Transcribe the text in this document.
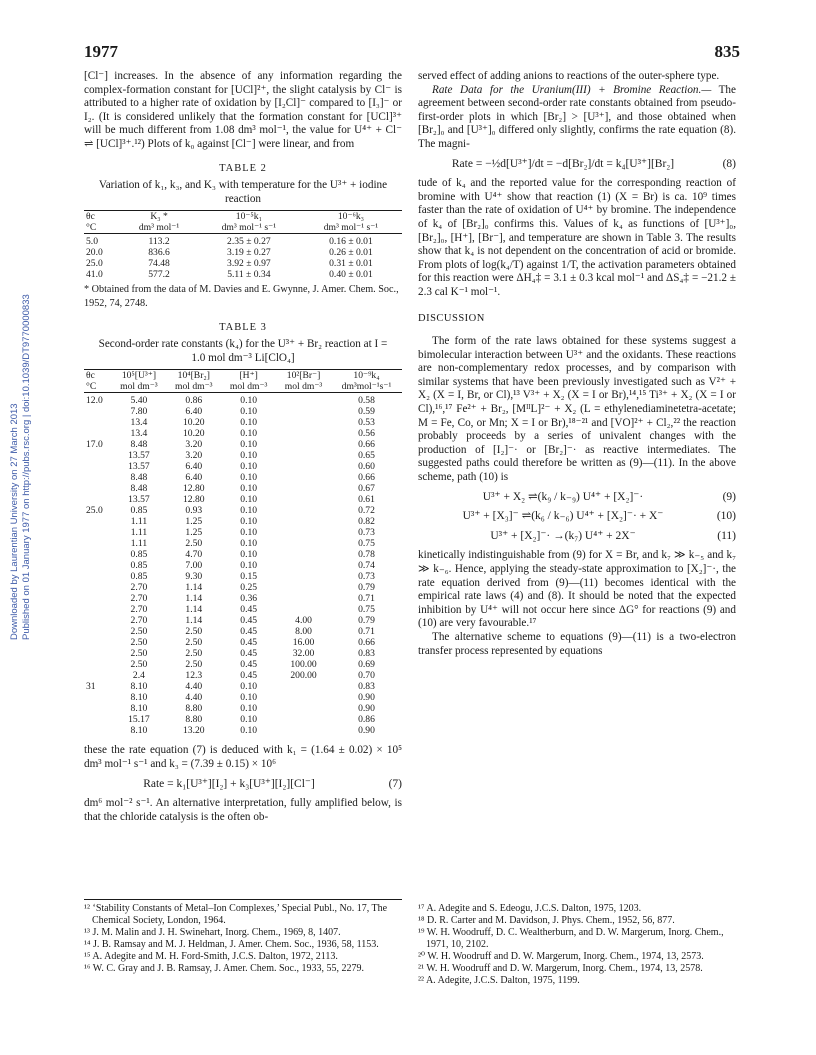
1977	835
Downloaded by Laurentian University on 27 March 2013 Published on 01 January 1977 on http://pubs.rsc.org | doi:10.1039/DT9770000833

[Cl⁻] increases. In the absence of any information regarding the complex-formation constant for [UCl]²⁺, the slight catalysis by Cl⁻ is attributed to a higher rate of oxidation by [I₂Cl]⁻ compared to [I₃]⁻ or I₂. (It is considered unlikely that the formation constant for [UCl]³⁺ will be much different from 1.08 dm³ mol⁻¹, the value for U⁴⁺ + Cl⁻ ⇌ [UCl]³⁺.¹²) Plots of k₀ against [Cl⁻] were linear, and from

TABLE 2
Variation of k₁, k₃, and K₃ with temperature for the U³⁺ + iodine reaction
θc	K₃ *	10⁻⁵k₁	10⁻⁶k₃
°C	dm³ mol⁻¹	dm³ mol⁻¹ s⁻¹	dm³ mol⁻¹ s⁻¹
5.0	113.2	2.35 ± 0.27	0.16 ± 0.01
20.0	836.6	3.19 ± 0.27	0.26 ± 0.01
25.0	74.48	3.92 ± 0.97	0.31 ± 0.01
41.0	577.2	5.11 ± 0.34	0.40 ± 0.01
* Obtained from the data of M. Davies and E. Gwynne, J. Amer. Chem. Soc., 1952, 74, 2748.
TABLE 3
Second-order rate constants (k₄) for the U³⁺ + Br₂ reaction at I = 1.0 mol dm⁻³ Li[ClO₄]
θc	10⁵[U³⁺]	10⁴[Br₂]	[H⁺]	10²[Br⁻]	10⁻⁹k₄
°C	mol dm⁻³	mol dm⁻³	mol dm⁻³	mol dm⁻³	dm³mol⁻¹s⁻¹
12.0	5.40	0.86	0.10		0.58
	7.80	6.40	0.10		0.59
	13.4	10.20	0.10		0.53
	13.4	10.20	0.10		0.56
17.0	8.48	3.20	0.10		0.66
	13.57	3.20	0.10		0.65
	13.57	6.40	0.10		0.60
	8.48	6.40	0.10		0.66
	8.48	12.80	0.10		0.67
	13.57	12.80	0.10		0.61
25.0	0.85	0.93	0.10		0.72
	1.11	1.25	0.10		0.82
	1.11	1.25	0.10		0.73
	1.11	2.50	0.10		0.75
	0.85	4.70	0.10		0.78
	0.85	7.00	0.10		0.74
	0.85	9.30	0.15		0.73
	2.70	1.14	0.25		0.79
	2.70	1.14	0.36		0.71
	2.70	1.14	0.45		0.75
	2.70	1.14	0.45	4.00	0.79
	2.50	2.50	0.45	8.00	0.71
	2.50	2.50	0.45	16.00	0.66
	2.50	2.50	0.45	32.00	0.83
	2.50	2.50	0.45	100.00	0.69
	2.4	12.3	0.45	200.00	0.70
31	8.10	4.40	0.10		0.83
	8.10	4.40	0.10		0.90
	8.10	8.80	0.10		0.90
	15.17	8.80	0.10		0.86
	8.10	13.20	0.10		0.90

these the rate equation (7) is deduced with k₁ = (1.64 ± 0.02) × 10⁵ dm³ mol⁻¹ s⁻¹ and k₃ = (7.39 ± 0.15) × 10⁶

Rate = k₁[U³⁺][I₂] + k₃[U³⁺][I₂][Cl⁻]	(7)

dm⁶ mol⁻² s⁻¹. An alternative interpretation, fully amplified below, is that the chloride catalysis is the often ob-

served effect of adding anions to reactions of the outer-sphere type.

Rate Data for the Uranium(III) + Bromine Reaction.— The agreement between second-order rate constants obtained from pseudo-first-order plots in which [Br₂] > [U³⁺], and those obtained when [Br₂]₀ and [U³⁺]₀ differed only slightly, confirms the rate equation (8). The magni-

Rate = −½d[U³⁺]/dt = −d[Br₂]/dt = k₄[U³⁺][Br₂]	(8)

tude of k₄ and the reported value for the corresponding reaction of bromine with U⁴⁺ show that reaction (1) (X = Br) is ca. 10⁹ times faster than the rate of oxidation of U⁴⁺ by bromine. The independence of k₄ of [Br₂]₀ confirms this. Values of k₄ as functions of [U³⁺]₀, [Br₂]₀, [H⁺], [Br⁻], and temperature are shown in Table 3. The results show that k₄ is not dependent on the concentration of acid or bromide. From plots of log(k₄/T) against 1/T, the activation parameters obtained for this reaction were ΔH₄‡ = 3.1 ± 0.3 kcal mol⁻¹ and ΔS₄‡ = −21.2 ± 2.3 cal K⁻¹ mol⁻¹.

DISCUSSION

The form of the rate laws obtained for these systems suggest a bimolecular interaction between U³⁺ and the oxidants. These reactions are non-complementary redox processes, and by comparison with similar systems that have been previously investigated such as V²⁺ + X₂ (X = I, Br, or Cl),¹³ V³⁺ + X₂ (X = I or Br),¹⁴,¹⁵ Ti³⁺ + X₂ (X = I or Cl),¹⁶,¹⁷ Fe²⁺ + Br₂, [MᴵᴵL]²⁻ + X₂ (L = ethylenediaminetetra-acetate; M = Fe, Co, or Mn; X = I or Br),¹⁸⁻²¹ and [VO]²⁺ + Cl₂,²² the reaction probably proceeds by a series of univalent changes with the production of [I₂]⁻· or [Br₂]⁻· as reactive intermediates. The suggested paths could therefore be written as (9)—(11). In the above scheme, path (10) is

U³⁺ + X₂ ⇌(k₉ / k₋₉) U⁴⁺ + [X₂]⁻·	(9)
U³⁺ + [X₃]⁻ ⇌(k₆ / k₋₆) U⁴⁺ + [X₂]⁻· + X⁻	(10)
U³⁺ + [X₂]⁻· →(k₇) U⁴⁺ + 2X⁻	(11)

kinetically indistinguishable from (9) for X = Br, and k₇ ≫ k₋₅ and k₇ ≫ k₋₆. Hence, applying the steady-state approximation to [X₂]⁻·, the rate equation derived from (9)—(11) becomes identical with the empirical rate laws (4) and (8). It should be noted that the expected inhibition by U⁴⁺ will not occur here since ΔG° for reactions (9) and (10) are very favourable.¹⁷

The alternative scheme to equations (9)—(11) is a two-electron transfer process represented by equations

¹² ‘Stability Constants of Metal–Ion Complexes,’ Special Publ., No. 17, The Chemical Society, London, 1964.
¹³ J. M. Malin and J. H. Swinehart, Inorg. Chem., 1969, 8, 1407.
¹⁴ J. B. Ramsay and M. J. Heldman, J. Amer. Chem. Soc., 1936, 58, 1153.
¹⁵ A. Adegite and M. H. Ford-Smith, J.C.S. Dalton, 1972, 2113.
¹⁶ W. C. Gray and J. B. Ramsay, J. Amer. Chem. Soc., 1933, 55, 2279.
¹⁷ A. Adegite and S. Edeogu, J.C.S. Dalton, 1975, 1203.
¹⁸ D. R. Carter and M. Davidson, J. Phys. Chem., 1952, 56, 877.
¹⁹ W. H. Woodruff, D. C. Wealtherburn, and D. W. Margerum, Inorg. Chem., 1971, 10, 2102.
²⁰ W. H. Woodruff and D. W. Margerum, Inorg. Chem., 1974, 13, 2573.
²¹ W. H. Woodruff and D. W. Margerum, Inorg. Chem., 1974, 13, 2578.
²² A. Adegite, J.C.S. Dalton, 1975, 1199.
